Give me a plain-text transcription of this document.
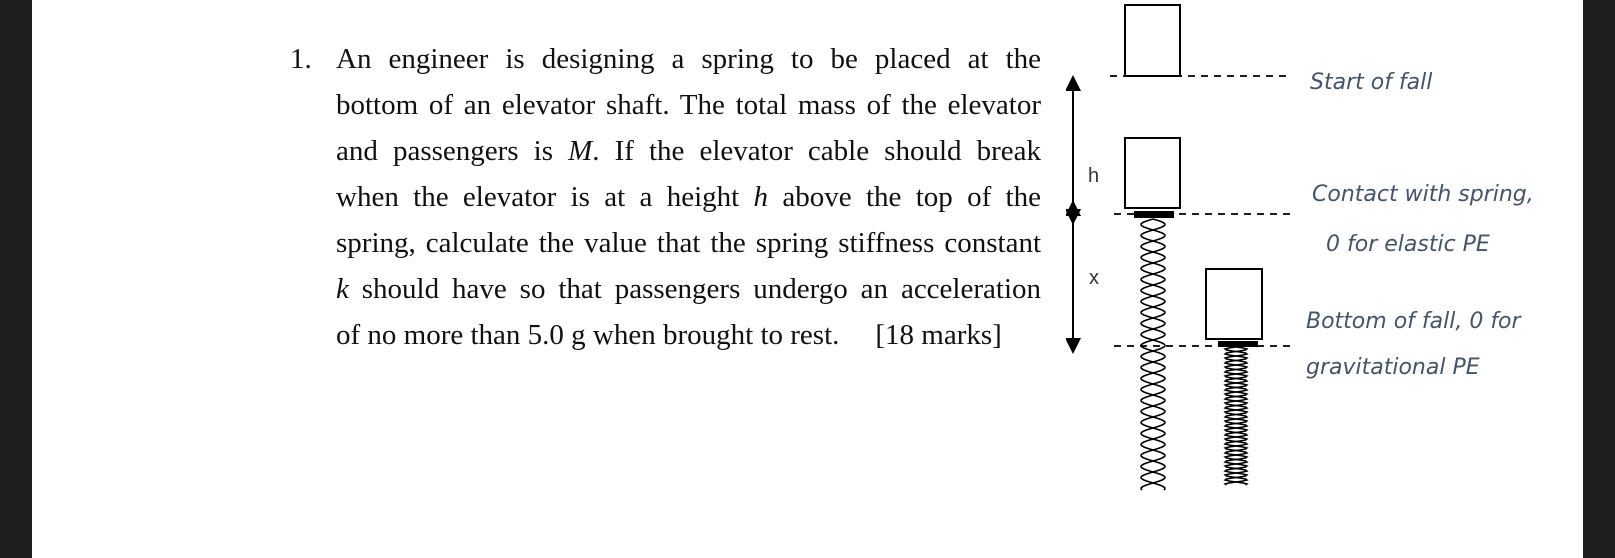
1. An engineer is designing a spring to be placed at the
bottom of an elevator shaft. The total mass of the elevator
and passengers is M. If the elevator cable should break
when the elevator is at a height h above the top of the
spring, calculate the value that the spring stiffness constant
k should have so that passengers undergo an acceleration
of no more than 5.0 g when brought to rest. [18 marks]
h
x
Start of fall
Contact with spring,
0 for elastic PE
Bottom of fall, 0 for
gravitational PE
